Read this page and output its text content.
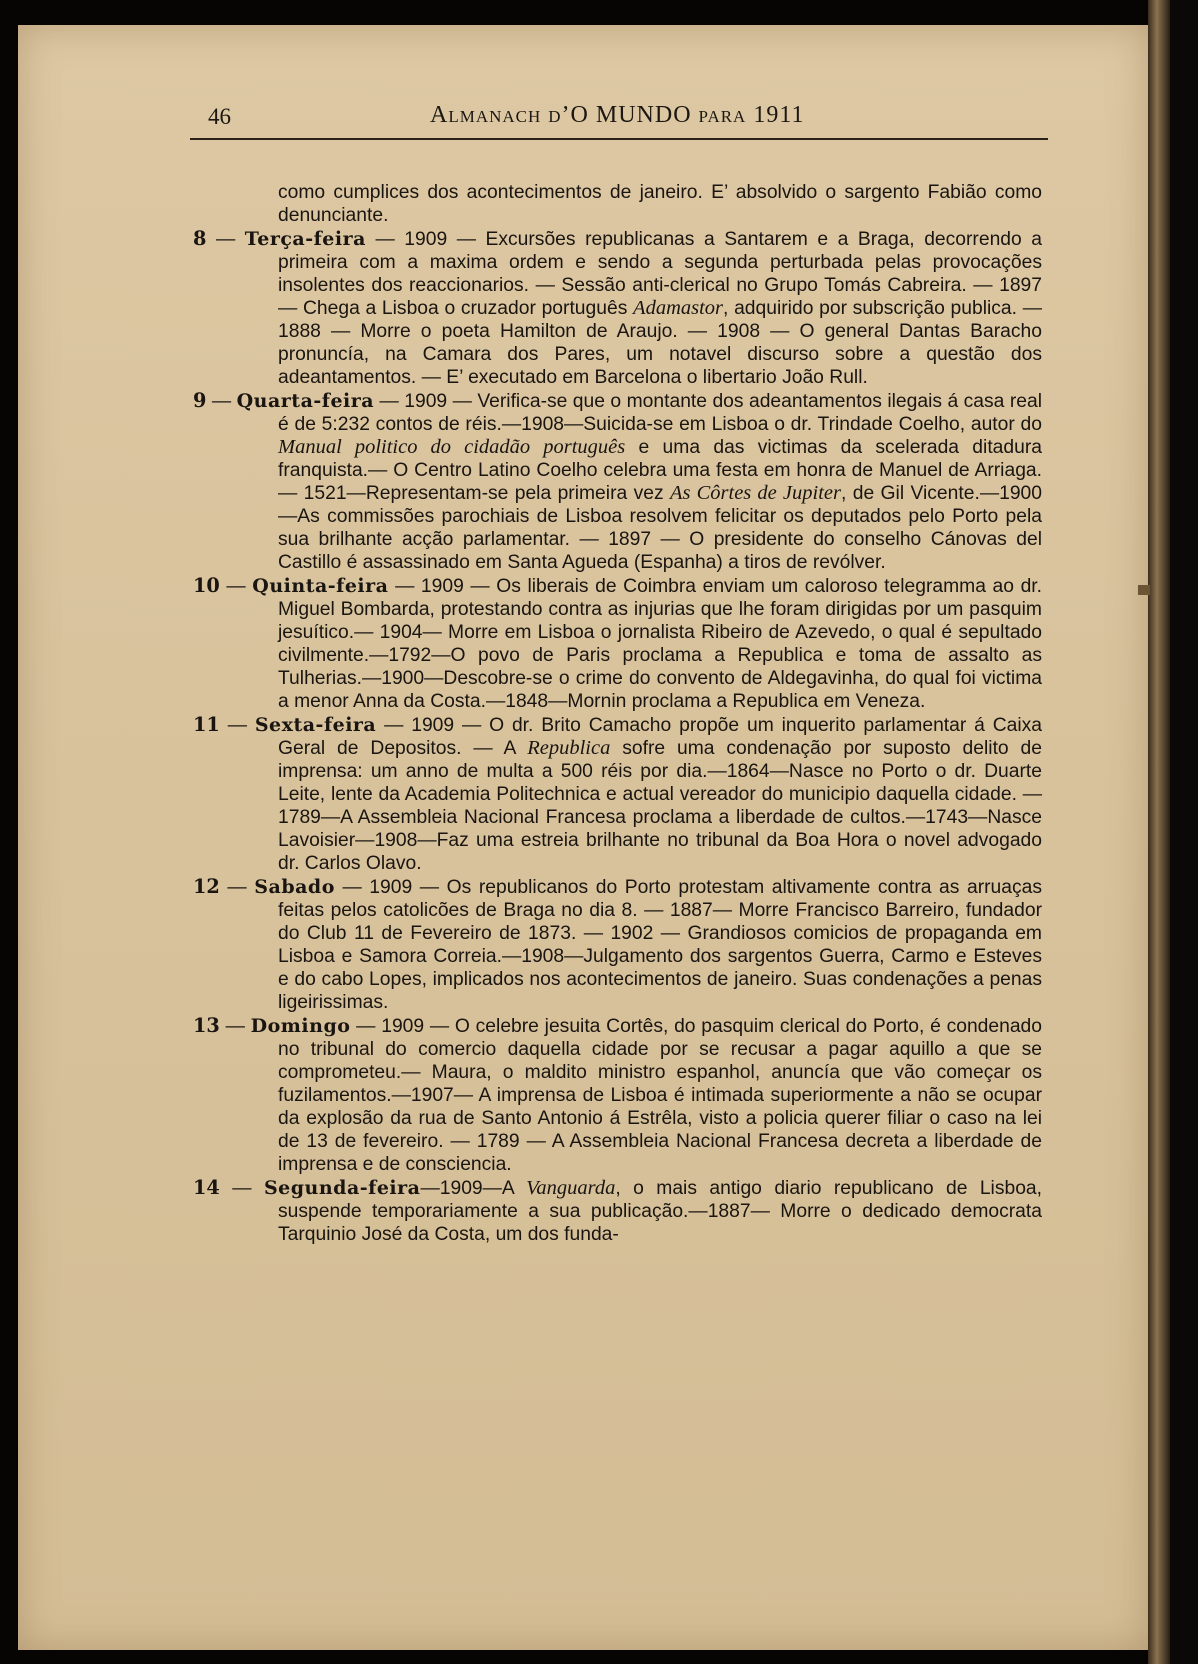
46	Almanach d’O MUNDO para 1911

como cumplices dos acontecimentos de janeiro. E’ absolvido o sargento Fabião como denunciante.

8 — Terça-feira — 1909 — Excursões republicanas a Santarem e a Braga, decorrendo a primeira com a maxima ordem e sendo a segunda perturbada pelas provocações insolentes dos reaccionarios. — Sessão anti-clerical no Grupo Tomás Cabreira. — 1897 — Chega a Lisboa o cruzador português Adamastor, adquirido por subscrição publica. — 1888 — Morre o poeta Hamilton de Araujo. — 1908 — O general Dantas Baracho pronuncía, na Camara dos Pares, um notavel discurso sobre a questão dos adeantamentos. — E’ executado em Barcelona o libertario João Rull.

9 — Quarta-feira — 1909 — Verifica-se que o montante dos adeantamentos ilegais á casa real é de 5:232 contos de réis.—1908—Suicida-se em Lisboa o dr. Trindade Coelho, autor do Manual politico do cidadão português e uma das victimas da scelerada ditadura franquista.— O Centro Latino Coelho celebra uma festa em honra de Manuel de Arriaga.— 1521—Representam-se pela primeira vez As Côrtes de Jupiter, de Gil Vicente.—1900—As commissões parochiais de Lisboa resolvem felicitar os deputados pelo Porto pela sua brilhante acção parlamentar. — 1897 — O presidente do conselho Cánovas del Castillo é assassinado em Santa Agueda (Espanha) a tiros de revólver.

10 — Quinta-feira — 1909 — Os liberais de Coimbra enviam um caloroso telegramma ao dr. Miguel Bombarda, protestando contra as injurias que lhe foram dirigidas por um pasquim jesuítico.— 1904— Morre em Lisboa o jornalista Ribeiro de Azevedo, o qual é sepultado civilmente.—1792—O povo de Paris proclama a Republica e toma de assalto as Tulherias.—1900—Descobre-se o crime do convento de Aldegavinha, do qual foi victima a menor Anna da Costa.—1848—Mornin proclama a Republica em Veneza.

11 — Sexta-feira — 1909 — O dr. Brito Camacho propõe um inquerito parlamentar á Caixa Geral de Depositos. — A Republica sofre uma condenação por suposto delito de imprensa: um anno de multa a 500 réis por dia.—1864—Nasce no Porto o dr. Duarte Leite, lente da Academia Politechnica e actual vereador do municipio daquella cidade. —1789—A Assembleia Nacional Francesa proclama a liberdade de cultos.—1743—Nasce Lavoisier—1908—Faz uma estreia brilhante no tribunal da Boa Hora o novel advogado dr. Carlos Olavo.

12 — Sabado — 1909 — Os republicanos do Porto protestam altivamente contra as arruaças feitas pelos catolicões de Braga no dia 8. — 1887— Morre Francisco Barreiro, fundador do Club 11 de Fevereiro de 1873. — 1902 — Grandiosos comicios de propaganda em Lisboa e Samora Correia.—1908—Julgamento dos sargentos Guerra, Carmo e Esteves e do cabo Lopes, implicados nos acontecimentos de janeiro. Suas condenações a penas ligeirissimas.

13 — Domingo — 1909 — O celebre jesuita Cortês, do pasquim clerical do Porto, é condenado no tribunal do comercio daquella cidade por se recusar a pagar aquillo a que se comprometeu.— Maura, o maldito ministro espanhol, anuncía que vão começar os fuzilamentos.—1907— A imprensa de Lisboa é intimada superiormente a não se ocupar da explosão da rua de Santo Antonio á Estrêla, visto a policia querer filiar o caso na lei de 13 de fevereiro. — 1789 — A Assembleia Nacional Francesa decreta a liberdade de imprensa e de consciencia.

14 — Segunda-feira—1909—A Vanguarda, o mais antigo diario republicano de Lisboa, suspende temporariamente a sua publicação.—1887— Morre o dedicado democrata Tarquinio José da Costa, um dos funda-
